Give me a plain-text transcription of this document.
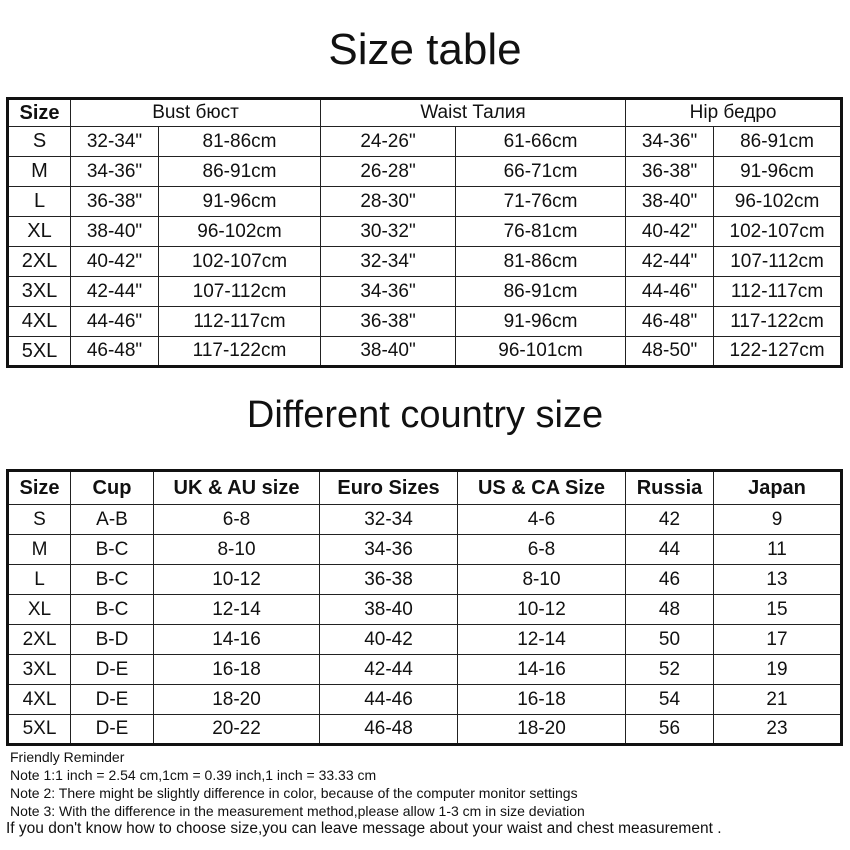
Size table
Size	Bust бюст		Waist Талия		Hip бедро	
S	32-34"	81-86cm	24-26"	61-66cm	34-36"	86-91cm
M	34-36"	86-91cm	26-28"	66-71cm	36-38"	91-96cm
L	36-38"	91-96cm	28-30"	71-76cm	38-40"	96-102cm
XL	38-40"	96-102cm	30-32"	76-81cm	40-42"	102-107cm
2XL	40-42"	102-107cm	32-34"	81-86cm	42-44"	107-112cm
3XL	42-44"	107-112cm	34-36"	86-91cm	44-46"	112-117cm
4XL	44-46"	112-117cm	36-38"	91-96cm	46-48"	117-122cm
5XL	46-48"	117-122cm	38-40"	96-101cm	48-50"	122-127cm
Different country size
Size	Cup	UK & AU size	Euro Sizes	US & CA Size	Russia	Japan
S	A-B	6-8	32-34	4-6	42	9
M	B-C	8-10	34-36	6-8	44	11
L	B-C	10-12	36-38	8-10	46	13
XL	B-C	12-14	38-40	10-12	48	15
2XL	B-D	14-16	40-42	12-14	50	17
3XL	D-E	16-18	42-44	14-16	52	19
4XL	D-E	18-20	44-46	16-18	54	21
5XL	D-E	20-22	46-48	18-20	56	23
Friendly Reminder
Note 1:1 inch = 2.54 cm,1cm = 0.39 inch,1 inch = 33.33 cm
Note 2: There might be slightly difference in color, because of the computer monitor settings
Note 3: With the difference in the measurement method,please allow 1-3 cm in size deviation
If you don't know how to choose size,you can leave message about your waist and chest measurement .
